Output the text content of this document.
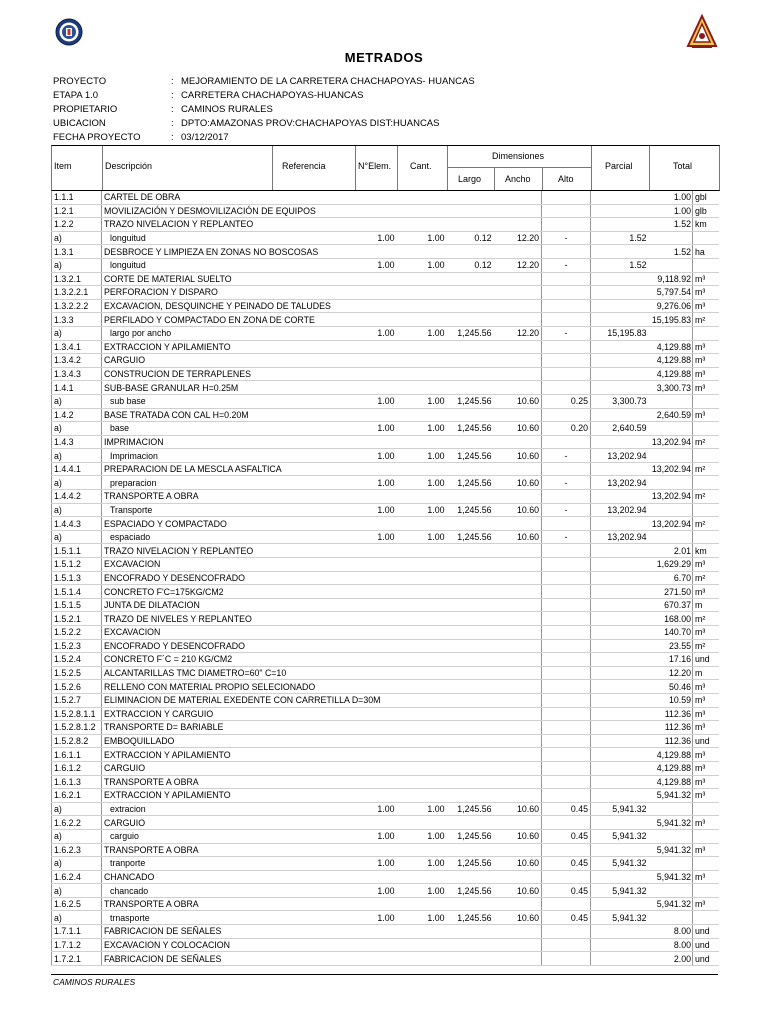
METRADOS
PROYECTO	: MEJORAMIENTO DE LA CARRETERA CHACHAPOYAS- HUANCAS
ETAPA 1.0	: CARRETERA CHACHAPOYAS-HUANCAS
PROPIETARIO	: CAMINOS RURALES
UBICACION	: DPTO:AMAZONAS PROV:CHACHAPOYAS DIST:HUANCAS
FECHA PROYECTO	: 03/12/2017
Item	Descripción	Referencia	N°Elem. Cant.
Dimensiones
Largo	Ancho	Alto
Parcial	Total
1.1.1	CARTEL DE OBRA								1.00	gbl
1.2.1	MOVILIZACIÓN Y DESMOVILIZACIÓN DE EQUIPOS								1.00	glb
1.2.2	TRAZO NIVELACION Y REPLANTEO								1.52	km
a)	longuitud		1.00	1.00	0.12	12.20	-	1.52		
1.3.1	DESBROCE Y LIMPIEZA EN ZONAS NO BOSCOSAS								1.52	ha
a)	longuitud		1.00	1.00	0.12	12.20	-	1.52		
1.3.2.1	CORTE DE MATERIAL SUELTO								9,118.92	m³
1.3.2.2.1	PERFORACION Y DISPARO								5,797.54	m³
1.3.2.2.2	EXCAVACION, DESQUINCHE Y PEINADO DE TALUDES								9,276.06	m³
1.3.3	PERFILADO Y COMPACTADO EN ZONA DE CORTE								15,195.83	m²
a)	largo por ancho		1.00	1.00	1,245.56	12.20	-	15,195.83		
1.3.4.1	EXTRACCION Y APILAMIENTO								4,129.88	m³
1.3.4.2	CARGUIO								4,129.88	m³
1.3.4.3	CONSTRUCION DE TERRAPLENES								4,129.88	m³
1.4.1	SUB-BASE GRANULAR H=0.25M								3,300.73	m³
a)	sub base		1.00	1.00	1,245.56	10.60	0.25	3,300.73		
1.4.2	BASE TRATADA CON CAL H=0.20M								2,640.59	m³
a)	base		1.00	1.00	1,245.56	10.60	0.20	2,640.59		
1.4.3	IMPRIMACION								13,202.94	m²
a)	Imprimacion		1.00	1.00	1,245.56	10.60	-	13,202.94		
1.4.4.1	PREPARACION DE LA MESCLA ASFALTICA								13,202.94	m²
a)	preparacion		1.00	1.00	1,245.56	10.60	-	13,202.94		
1.4.4.2	TRANSPORTE A OBRA								13,202.94	m²
a)	Transporte		1.00	1.00	1,245.56	10.60	-	13,202.94		
1.4.4.3	ESPACIADO Y COMPACTADO								13,202.94	m²
a)	espaciado		1.00	1.00	1,245.56	10.60	-	13,202.94		
1.5.1.1	TRAZO NIVELACION Y REPLANTEO								2.01	km
1.5.1.2	EXCAVACION								1,629.29	m³
1.5.1.3	ENCOFRADO Y DESENCOFRADO								6.70	m²
1.5.1.4	CONCRETO F'C=175KG/CM2								271.50	m³
1.5.1.5	JUNTA DE DILATACION								670.37	m
1.5.2.1	TRAZO DE NIVELES Y REPLANTEO								168.00	m²
1.5.2.2	EXCAVACION								140.70	m³
1.5.2.3	ENCOFRADO Y DESENCOFRADO								23.55	m²
1.5.2.4	CONCRETO F´C = 210 KG/CM2								17.16	und
1.5.2.5	ALCANTARILLAS TMC DIAMETRO=60" C=10								12.20	m
1.5.2.6	RELLENO CON MATERIAL PROPIO SELECIONADO								50.46	m³
1.5.2.7	ELIMINACION DE MATERIAL EXEDENTE CON CARRETILLA D=30M								10.59	m³
1.5.2.8.1.1	EXTRACCION Y CARGUIO								112.36	m³
1.5.2.8.1.2	TRANSPORTE D= BARIABLE								112.36	m³
1.5.2.8.2	EMBOQUILLADO								112.36	und
1.6.1.1	EXTRACCION Y APILAMIENTO								4,129.88	m³
1.6.1.2	CARGUIO								4,129.88	m³
1.6.1.3	TRANSPORTE A OBRA								4,129.88	m³
1.6.2.1	EXTRACCION Y APILAMIENTO								5,941.32	m³
a)	extracion		1.00	1.00	1,245.56	10.60	0.45	5,941.32		
1.6.2.2	CARGUIO								5,941.32	m³
a)	carguio		1.00	1.00	1,245.56	10.60	0.45	5,941.32		
1.6.2.3	TRANSPORTE A OBRA								5,941.32	m³
a)	tranporte		1.00	1.00	1,245.56	10.60	0.45	5,941.32		
1.6.2.4	CHANCADO								5,941.32	m³
a)	chancado		1.00	1.00	1,245.56	10.60	0.45	5,941.32		
1.6.2.5	TRANSPORTE A OBRA								5,941.32	m³
a)	trnasporte		1.00	1.00	1,245.56	10.60	0.45	5,941.32		
1.7.1.1	FABRICACION DE SEÑALES								8.00	und
1.7.1.2	EXCAVACION Y COLOCACION								8.00	und
1.7.2.1	FABRICACION DE SEÑALES								2.00	und
CAMINOS RURALES
